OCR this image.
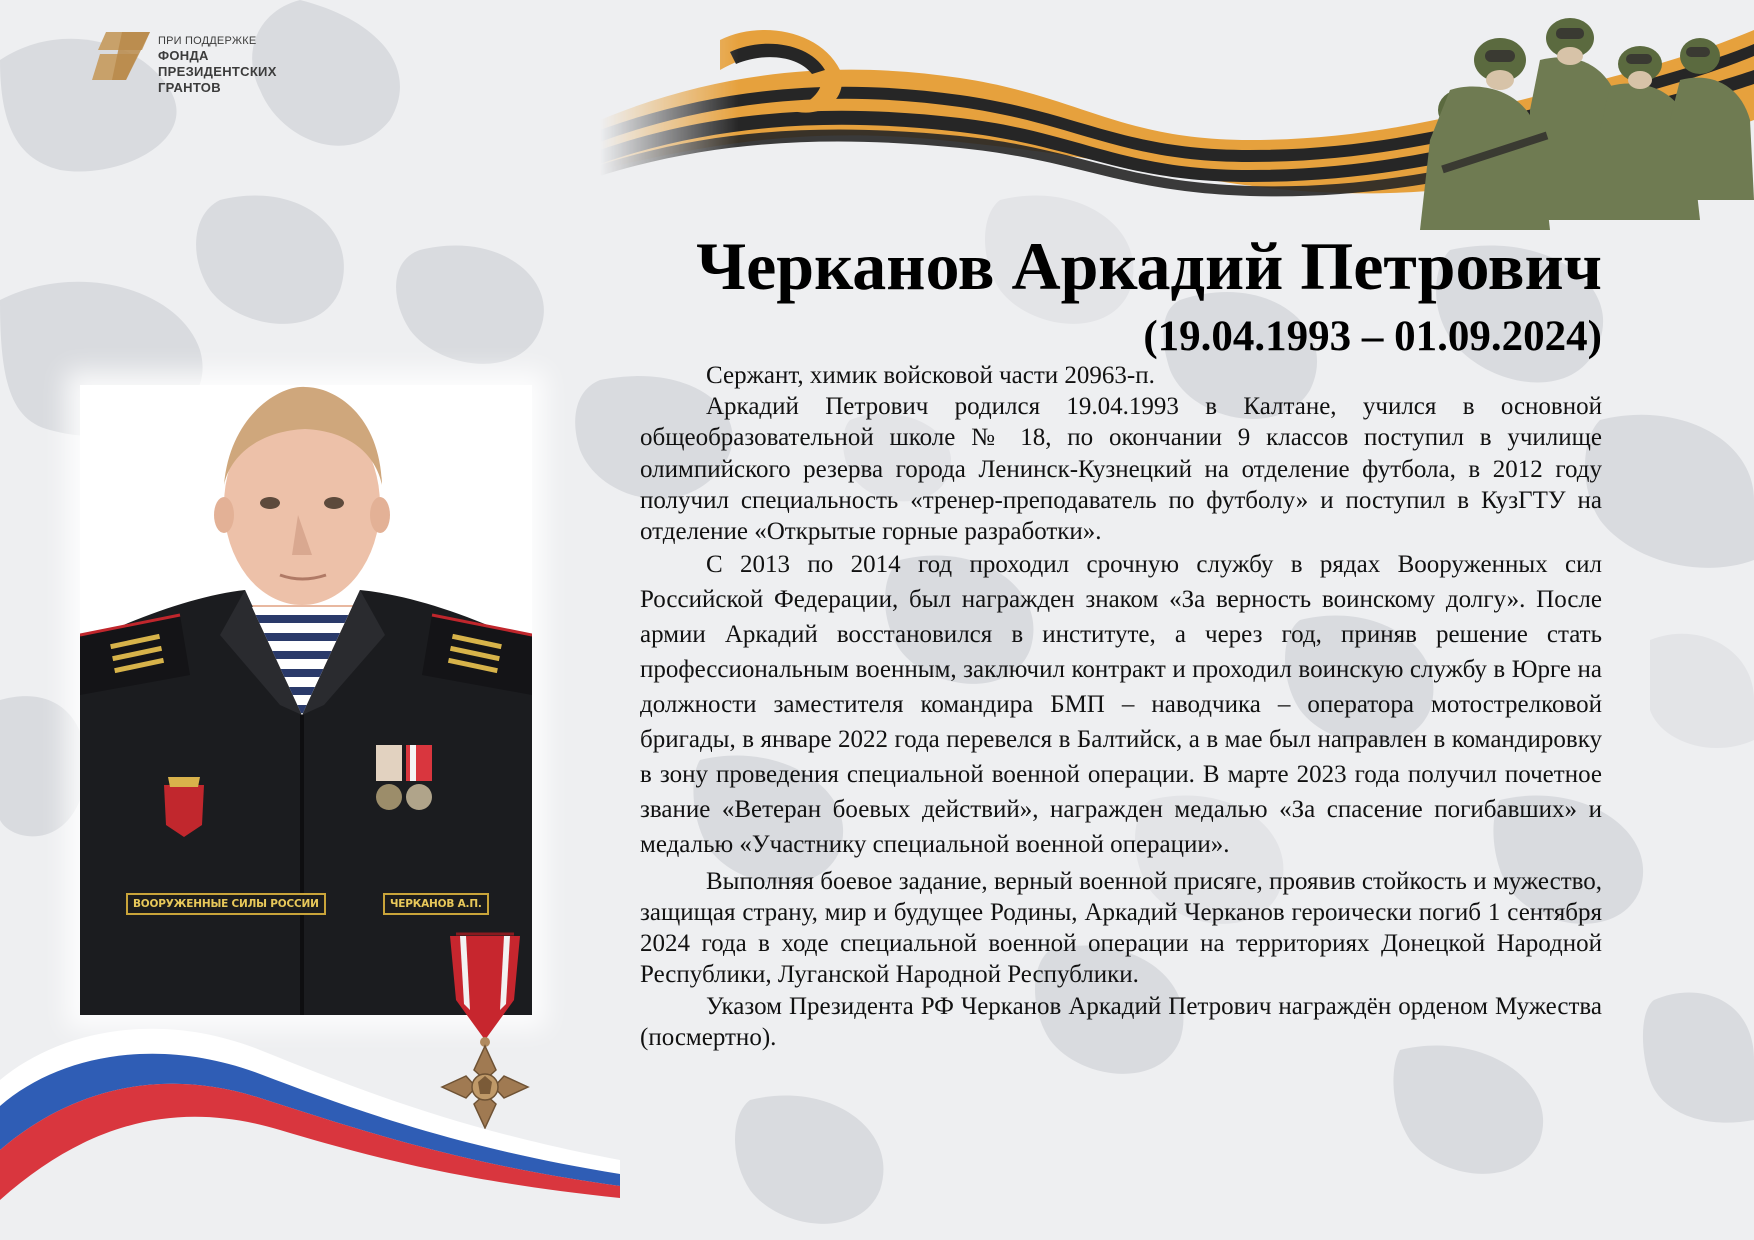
ПРИ ПОДДЕРЖКЕ
ФОНДА
ПРЕЗИДЕНТСКИХ
ГРАНТОВ
ВООРУЖЕННЫЕ СИЛЫ РОССИИ	ЧЕРКАНОВ А.П.
Черканов Аркадий Петрович
(19.04.1993 – 01.09.2024)

Сержант, химик войсковой части 20963-п.

Аркадий Петрович родился 19.04.1993 в Калтане, учился в основной общеобразовательной школе № 18, по окончании 9 классов поступил в училище олимпийского резерва города Ленинск-Кузнецкий на отделение футбола, в 2012 году получил специальность «тренер-преподаватель по футболу» и поступил в КузГТУ на отделение «Открытые горные разработки».

С 2013 по 2014 год проходил срочную службу в рядах Вооруженных сил Российской Федерации, был награжден знаком «За верность воинскому долгу». После армии Аркадий восстановился в институте, а через год, приняв решение стать профессиональным военным, заключил контракт и проходил воинскую службу в Юрге на должности заместителя командира БМП – наводчика – оператора мотострелковой бригады, в январе 2022 года перевелся в Балтийск, а в мае был направлен в командировку в зону проведения специальной военной операции. В марте 2023 года получил почетное звание «Ветеран боевых действий», награжден медалью «За спасение погибавших» и медалью «Участнику специальной военной операции».

Выполняя боевое задание, верный военной присяге, проявив стойкость и мужество, защищая страну, мир и будущее Родины, Аркадий Черканов героически погиб 1 сентября 2024 года в ходе специальной военной операции на территориях Донецкой Народной Республики, Луганской Народной Республики.

Указом Президента РФ Черканов Аркадий Петрович награждён орденом Мужества (посмертно).
